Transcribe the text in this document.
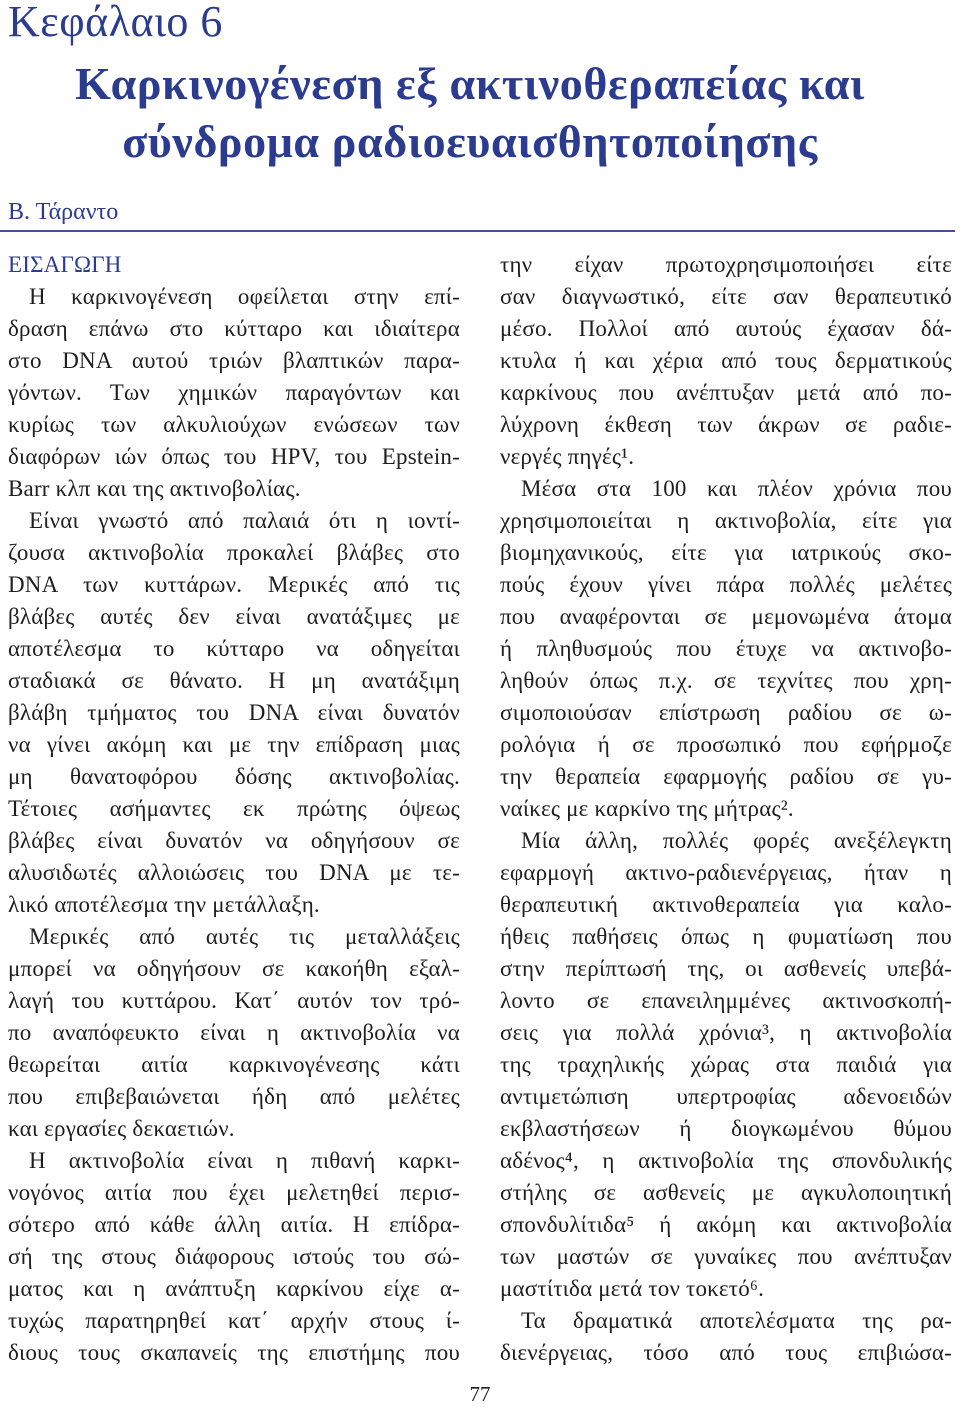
Κεφάλαιο 6
Καρκινογένεση εξ ακτινοθεραπείας και
σύνδρομα ραδιοευαισθητοποίησης
Β. Τάραντο
ΕΙΣΑΓΩΓΗ
Η καρκινογένεση οφείλεται στην επί-
δραση επάνω στο κύτταρο και ιδιαίτερα
στο DNA αυτού τριών βλαπτικών παρα-
γόντων. Των χημικών παραγόντων και
κυρίως των αλκυλιούχων ενώσεων των
διαφόρων ιών όπως του HPV, του Epstein-
Barr κλπ και της ακτινοβολίας.
Είναι γνωστό από παλαιά ότι η ιοντί-
ζουσα ακτινοβολία προκαλεί βλάβες στο
DNA των κυττάρων. Μερικές από τις
βλάβες αυτές δεν είναι ανατάξιμες με
αποτέλεσμα το κύτταρο να οδηγείται
σταδιακά σε θάνατο. Η μη ανατάξιμη
βλάβη τμήματος του DNA είναι δυνατόν
να γίνει ακόμη και με την επίδραση μιας
μη θανατοφόρου δόσης ακτινοβολίας.
Τέτοιες ασήμαντες εκ πρώτης όψεως
βλάβες είναι δυνατόν να οδηγήσουν σε
αλυσιδωτές αλλοιώσεις του DNA με τε-
λικό αποτέλεσμα την μετάλλαξη.
Μερικές από αυτές τις μεταλλάξεις
μπορεί να οδηγήσουν σε κακοήθη εξαλ-
λαγή του κυττάρου. Κατ΄ αυτόν τον τρό-
πο αναπόφευκτο είναι η ακτινοβολία να
θεωρείται αιτία καρκινογένεσης κάτι
που επιβεβαιώνεται ήδη από μελέτες
και εργασίες δεκαετιών.
Η ακτινοβολία είναι η πιθανή καρκι-
νογόνος αιτία που έχει μελετηθεί περισ-
σότερο από κάθε άλλη αιτία. Η επίδρα-
σή της στους διάφορους ιστούς του σώ-
ματος και η ανάπτυξη καρκίνου είχε α-
τυχώς παρατηρηθεί κατ΄ αρχήν στους ί-
διους τους σκαπανείς της επιστήμης που
την είχαν πρωτοχρησιμοποιήσει είτε
σαν διαγνωστικό, είτε σαν θεραπευτικό
μέσο. Πολλοί από αυτούς έχασαν δά-
κτυλα ή και χέρια από τους δερματικούς
καρκίνους που ανέπτυξαν μετά από πο-
λύχρονη έκθεση των άκρων σε ραδιε-
νεργές πηγές¹.
Μέσα στα 100 και πλέον χρόνια που
χρησιμοποιείται η ακτινοβολία, είτε για
βιομηχανικούς, είτε για ιατρικούς σκο-
πούς έχουν γίνει πάρα πολλές μελέτες
που αναφέρονται σε μεμονωμένα άτομα
ή πληθυσμούς που έτυχε να ακτινοβο-
ληθούν όπως π.χ. σε τεχνίτες που χρη-
σιμοποιούσαν επίστρωση ραδίου σε ω-
ρολόγια ή σε προσωπικό που εφήρμοζε
την θεραπεία εφαρμογής ραδίου σε γυ-
ναίκες με καρκίνο της μήτρας².
Μία άλλη, πολλές φορές ανεξέλεγκτη
εφαρμογή ακτινο-ραδιενέργειας, ήταν η
θεραπευτική ακτινοθεραπεία για καλο-
ήθεις παθήσεις όπως η φυματίωση που
στην περίπτωσή της, οι ασθενείς υπεβά-
λοντο σε επανειλημμένες ακτινοσκοπή-
σεις για πολλά χρόνια³, η ακτινοβολία
της τραχηλικής χώρας στα παιδιά για
αντιμετώπιση υπερτροφίας αδενοειδών
εκβλαστήσεων ή διογκωμένου θύμου
αδένος⁴, η ακτινοβολία της σπονδυλικής
στήλης σε ασθενείς με αγκυλοποιητική
σπονδυλίτιδα⁵ ή ακόμη και ακτινοβολία
των μαστών σε γυναίκες που ανέπτυξαν
μαστίτιδα μετά τον τοκετό⁶.
Τα δραματικά αποτελέσματα της ρα-
διενέργειας, τόσο από τους επιβιώσα-
77
